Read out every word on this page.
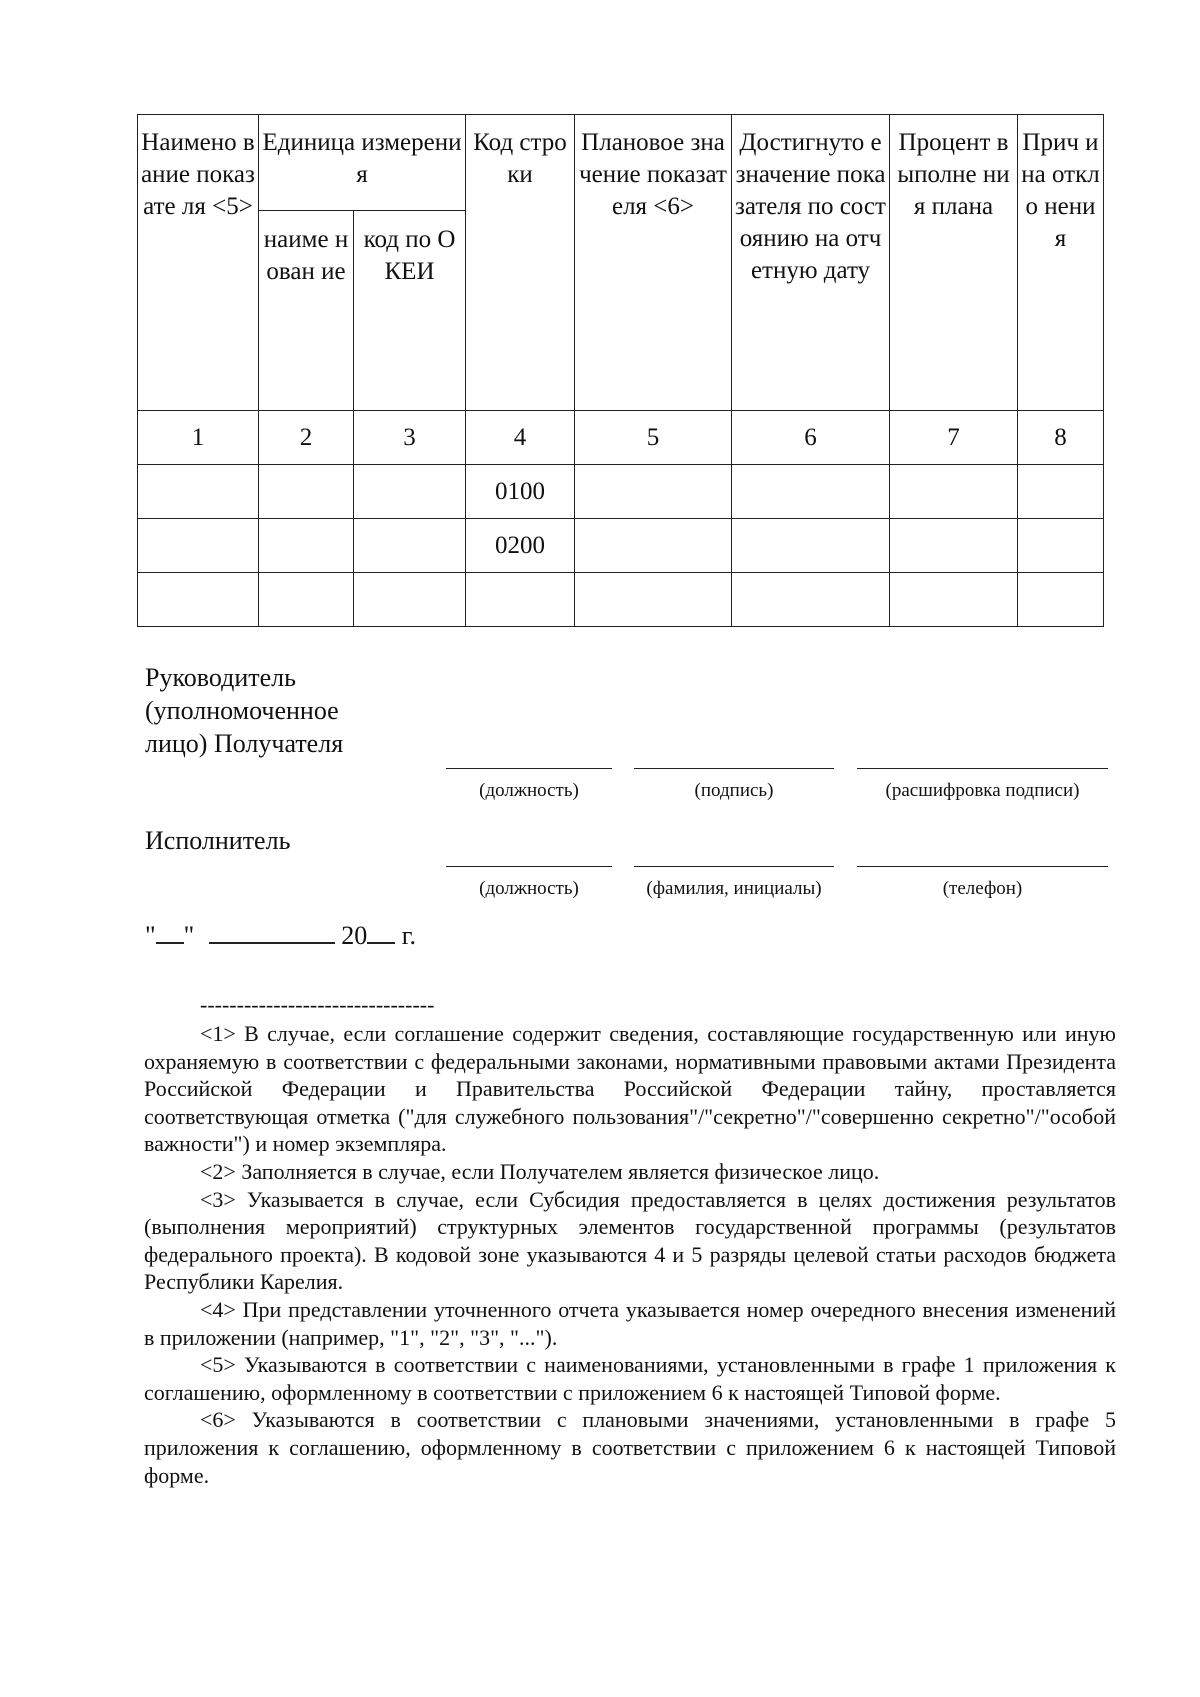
Наимено вание показате ля <5>	Единица измерения		Код строки	Плановое значение показателя <6>	Достигнуто е значение показателя по состоянию на отчетную дату	Процент выполне ния плана	Прич ина откло нения
	наиме нован ие	код по ОКЕИ					
1	2	3	4	5	6	7	8
			0100				
			0200				

Руководитель (уполномоченное лицо) Получателя
(должность)	(подпись)	(расшифровка подписи)
Исполнитель
(должность)	(фамилия, инициалы)	(телефон)
" "	20 г.
--------------------------------

<1> В случае, если соглашение содержит сведения, составляющие государственную или иную охраняемую в соответствии с федеральными законами, нормативными правовыми актами Президента Российской Федерации и Правительства Российской Федерации тайну, проставляется соответствующая отметка ("для служебного пользования"/"секретно"/"совершенно секретно"/"особой важности") и номер экземпляра.

<2> Заполняется в случае, если Получателем является физическое лицо.

<3> Указывается в случае, если Субсидия предоставляется в целях достижения результатов (выполнения мероприятий) структурных элементов государственной программы (результатов федерального проекта). В кодовой зоне указываются 4 и 5 разряды целевой статьи расходов бюджета Республики Карелия.

<4> При представлении уточненного отчета указывается номер очередного внесения изменений в приложении (например, "1", "2", "3", "...").

<5> Указываются в соответствии с наименованиями, установленными в графе 1 приложения к соглашению, оформленному в соответствии с приложением 6 к настоящей Типовой форме.

<6> Указываются в соответствии с плановыми значениями, установленными в графе 5 приложения к соглашению, оформленному в соответствии с приложением 6 к настоящей Типовой форме.
